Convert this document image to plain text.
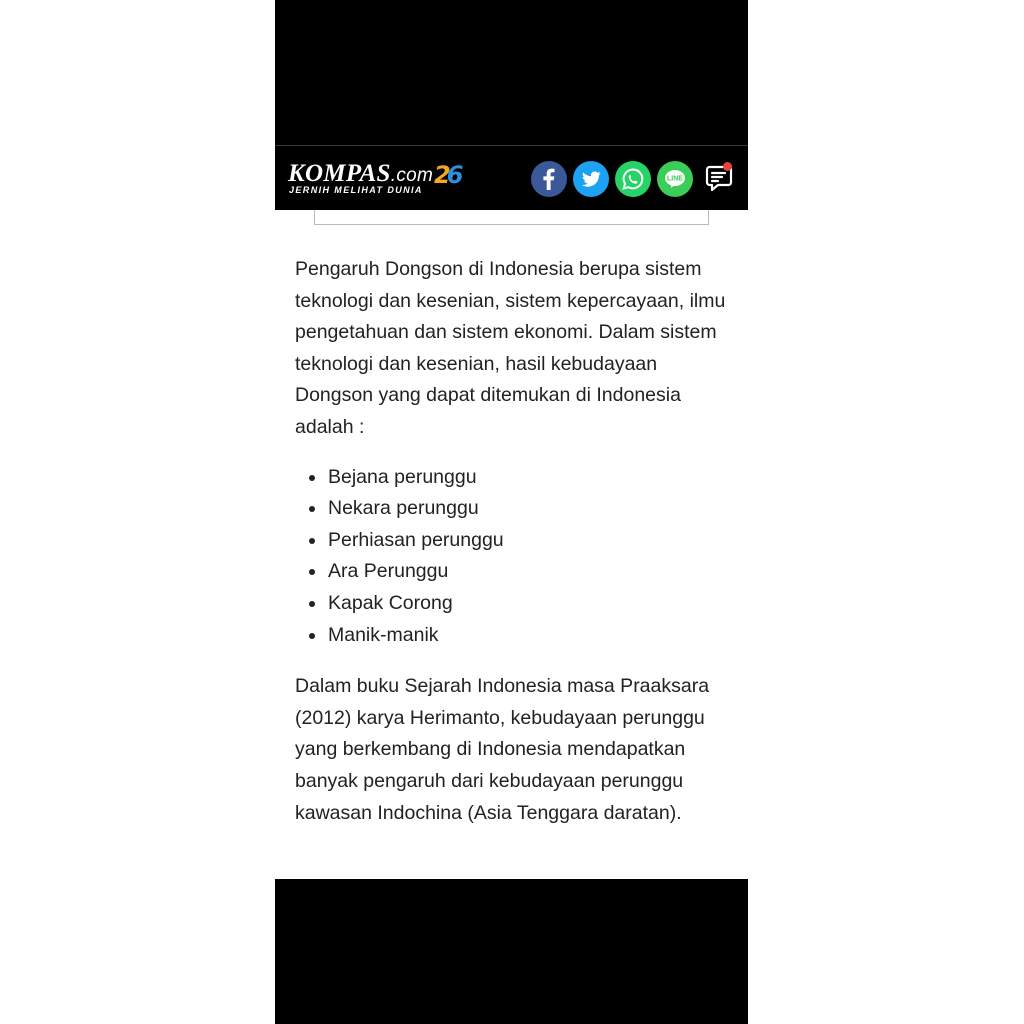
KOMPAS.com
JERNIH MELIHAT DUNIA
26	LINE

Pengaruh Dongson di Indonesia berupa sistem teknologi dan kesenian, sistem kepercayaan, ilmu pengetahuan dan sistem ekonomi. Dalam sistem teknologi dan kesenian, hasil kebudayaan Dongson yang dapat ditemukan di Indonesia adalah :

• Bejana perunggu
• Nekara perunggu
• Perhiasan perunggu
• Ara Perunggu
• Kapak Corong
• Manik-manik

Dalam buku Sejarah Indonesia masa Praaksara (2012) karya Herimanto, kebudayaan perunggu yang berkembang di Indonesia mendapatkan banyak pengaruh dari kebudayaan perunggu kawasan Indochina (Asia Tenggara daratan).
